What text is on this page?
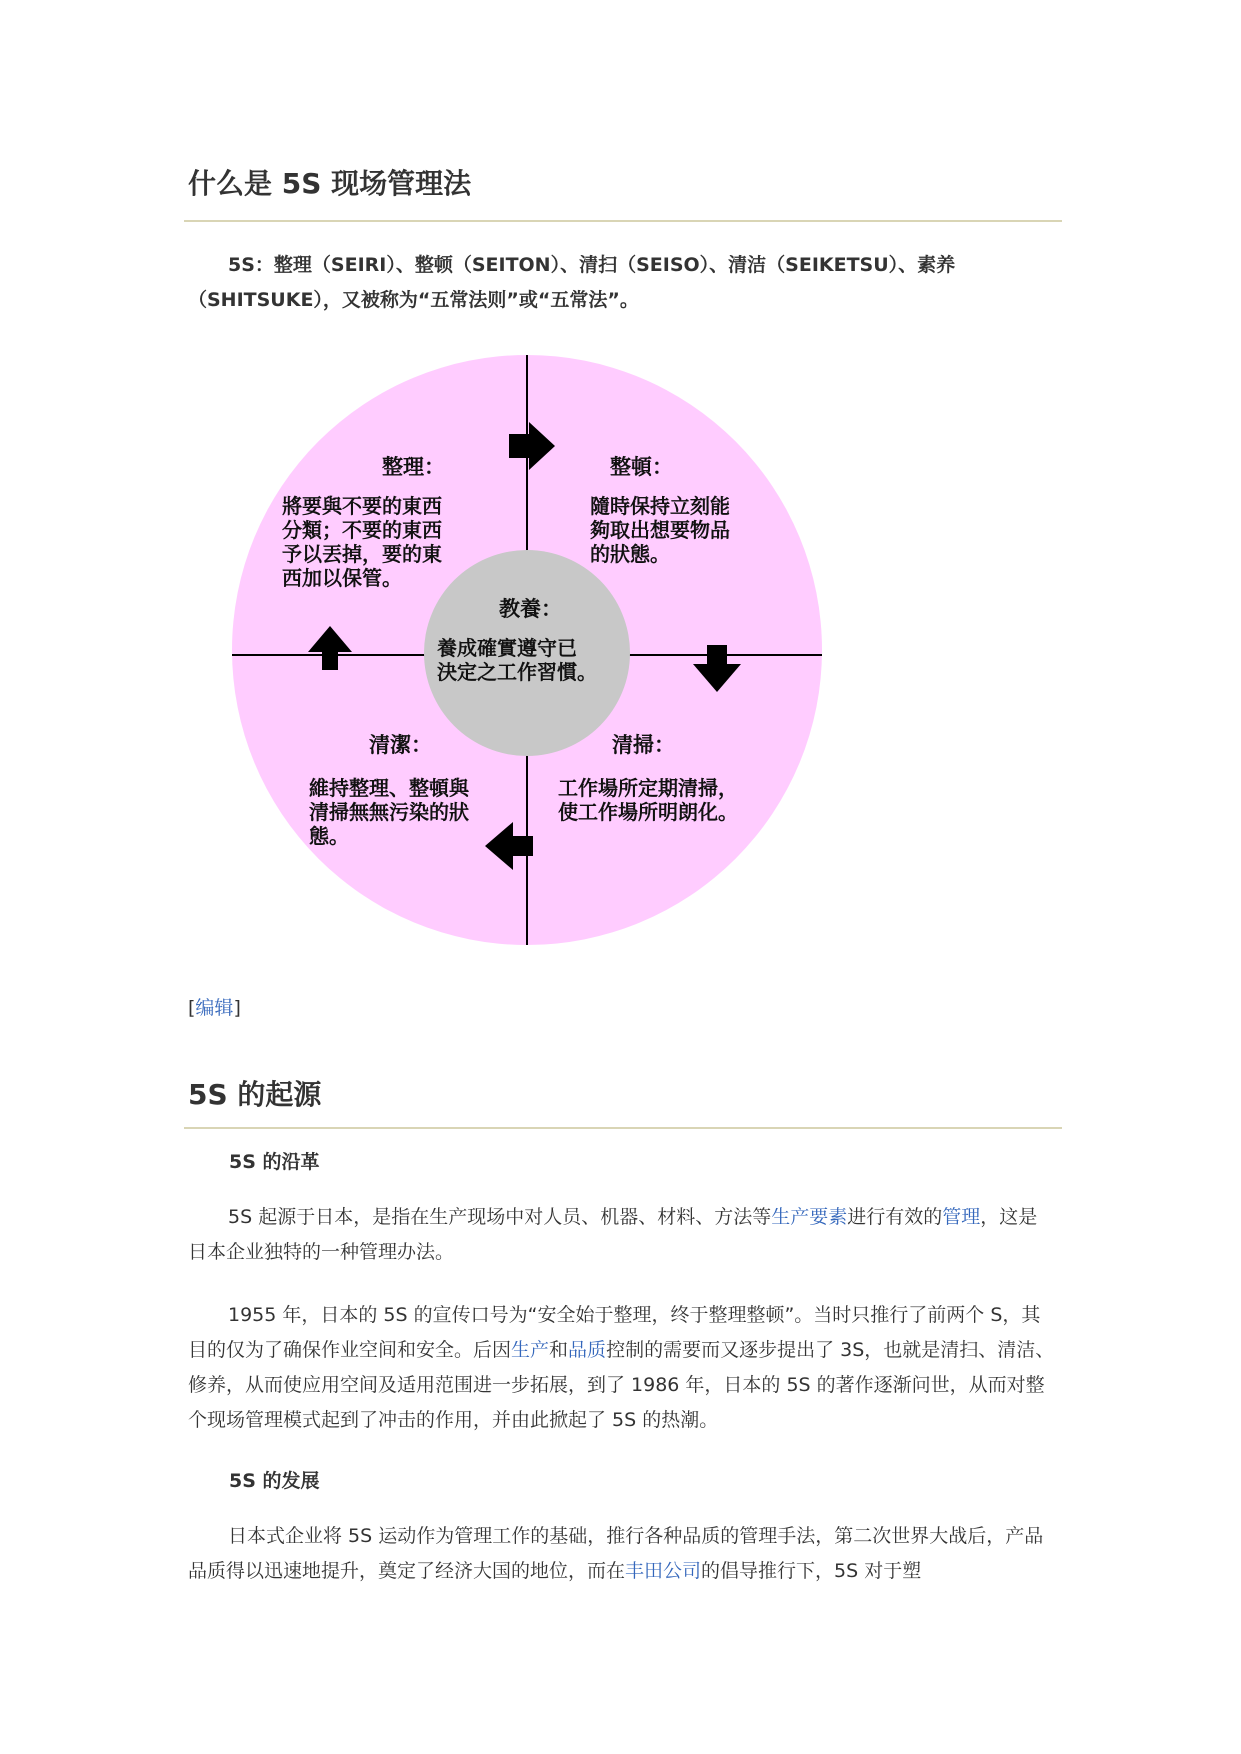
什么是 5S 现场管理法

5S：整理（SEIRI）、整顿（SEITON）、清扫（SEISO）、清洁（SEIKETSU）、素养（SHITSUKE），又被称为“五常法则”或“五常法”。

整理：
將要與不要的東西
分類；不要的東西
予以丟掉，要的東
西加以保管。
整頓：
隨時保持立刻能
夠取出想要物品
的狀態。
教養：
養成確實遵守已
決定之工作習慣。
清潔：
維持整理、整頓與
清掃無無污染的狀
態。
清掃：
工作場所定期清掃，
使工作場所明朗化。
[编辑]
5S 的起源
5S 的沿革

5S 起源于日本，是指在生产现场中对人员、机器、材料、方法等生产要素进行有效的管理，这是日本企业独特的一种管理办法。

1955 年，日本的 5S 的宣传口号为“安全始于整理，终于整理整顿”。当时只推行了前两个 S，其目的仅为了确保作业空间和安全。后因生产和品质控制的需要而又逐步提出了 3S，也就是清扫、清洁、修养，从而使应用空间及适用范围进一步拓展，到了 1986 年，日本的 5S 的著作逐渐问世，从而对整个现场管理模式起到了冲击的作用，并由此掀起了 5S 的热潮。

5S 的发展

日本式企业将 5S 运动作为管理工作的基础，推行各种品质的管理手法，第二次世界大战后，产品品质得以迅速地提升，奠定了经济大国的地位，而在丰田公司的倡导推行下，5S 对于塑
